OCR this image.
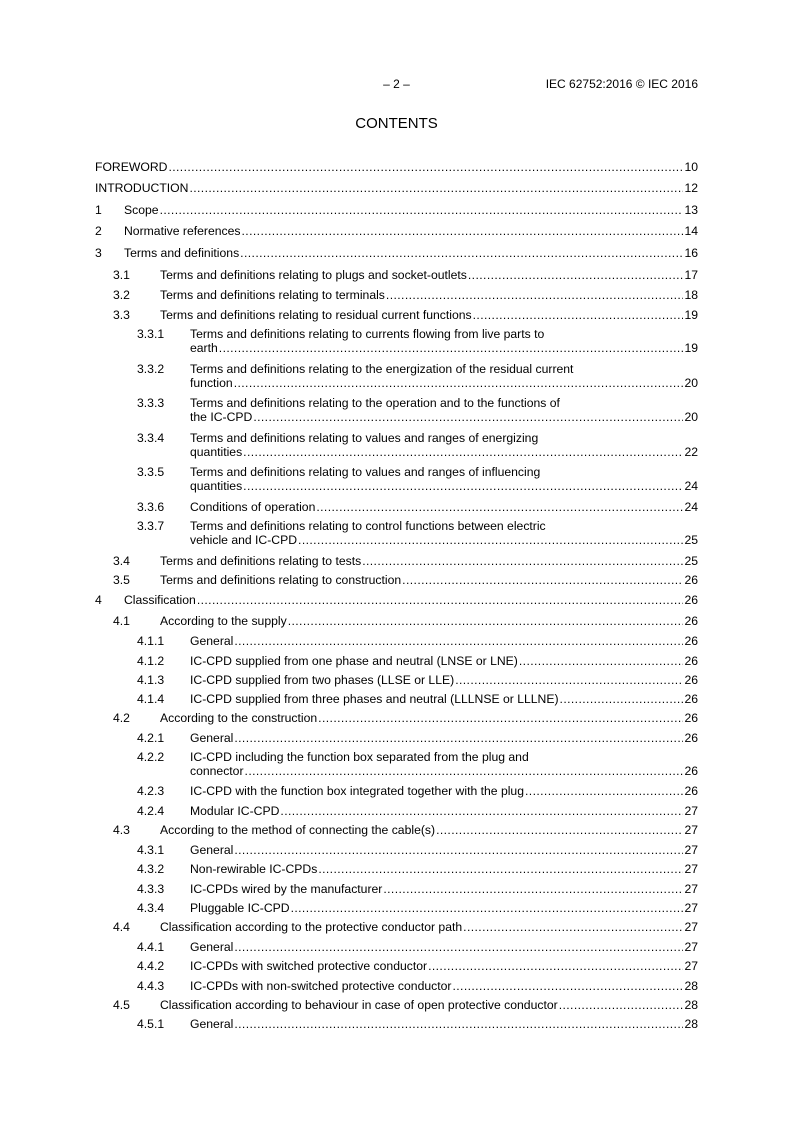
– 2 –	IEC 62752:2016 © IEC 2016
CONTENTS
FOREWORD .....	10
INTRODUCTION .....	12
1 Scope .....	13
2 Normative references .....	14
3 Terms and definitions .....	16
3.1 Terms and definitions relating to plugs and socket-outlets .....	17
3.2 Terms and definitions relating to terminals .....	18
3.3 Terms and definitions relating to residual current functions .....	19
3.3.1 Terms and definitions relating to currents flowing from live parts to
earth .....	19
3.3.2 Terms and definitions relating to the energization of the residual current
function .....	20
3.3.3 Terms and definitions relating to the operation and to the functions of
the IC-CPD .....	20
3.3.4 Terms and definitions relating to values and ranges of energizing
quantities .....	22
3.3.5 Terms and definitions relating to values and ranges of influencing
quantities .....	24
3.3.6 Conditions of operation .....	24
3.3.7 Terms and definitions relating to control functions between electric
vehicle and IC-CPD .....	25
3.4 Terms and definitions relating to tests .....	25
3.5 Terms and definitions relating to construction .....	26
4 Classification .....	26
4.1 According to the supply .....	26
4.1.1 General .....	26
4.1.2 IC-CPD supplied from one phase and neutral (LNSE or LNE) .....	26
4.1.3 IC-CPD supplied from two phases (LLSE or LLE) .....	26
4.1.4 IC-CPD supplied from three phases and neutral (LLLNSE or LLLNE) .....	26
4.2 According to the construction .....	26
4.2.1 General .....	26
4.2.2 IC-CPD including the function box separated from the plug and
connector .....	26
4.2.3 IC-CPD with the function box integrated together with the plug .....	26
4.2.4 Modular IC-CPD .....	27
4.3 According to the method of connecting the cable(s) .....	27
4.3.1 General .....	27
4.3.2 Non-rewirable IC-CPDs .....	27
4.3.3 IC-CPDs wired by the manufacturer .....	27
4.3.4 Pluggable IC-CPD .....	27
4.4 Classification according to the protective conductor path .....	27
4.4.1 General .....	27
4.4.2 IC-CPDs with switched protective conductor .....	27
4.4.3 IC-CPDs with non-switched protective conductor .....	28
4.5 Classification according to behaviour in case of open protective conductor .....	28
4.5.1 General .....	28
